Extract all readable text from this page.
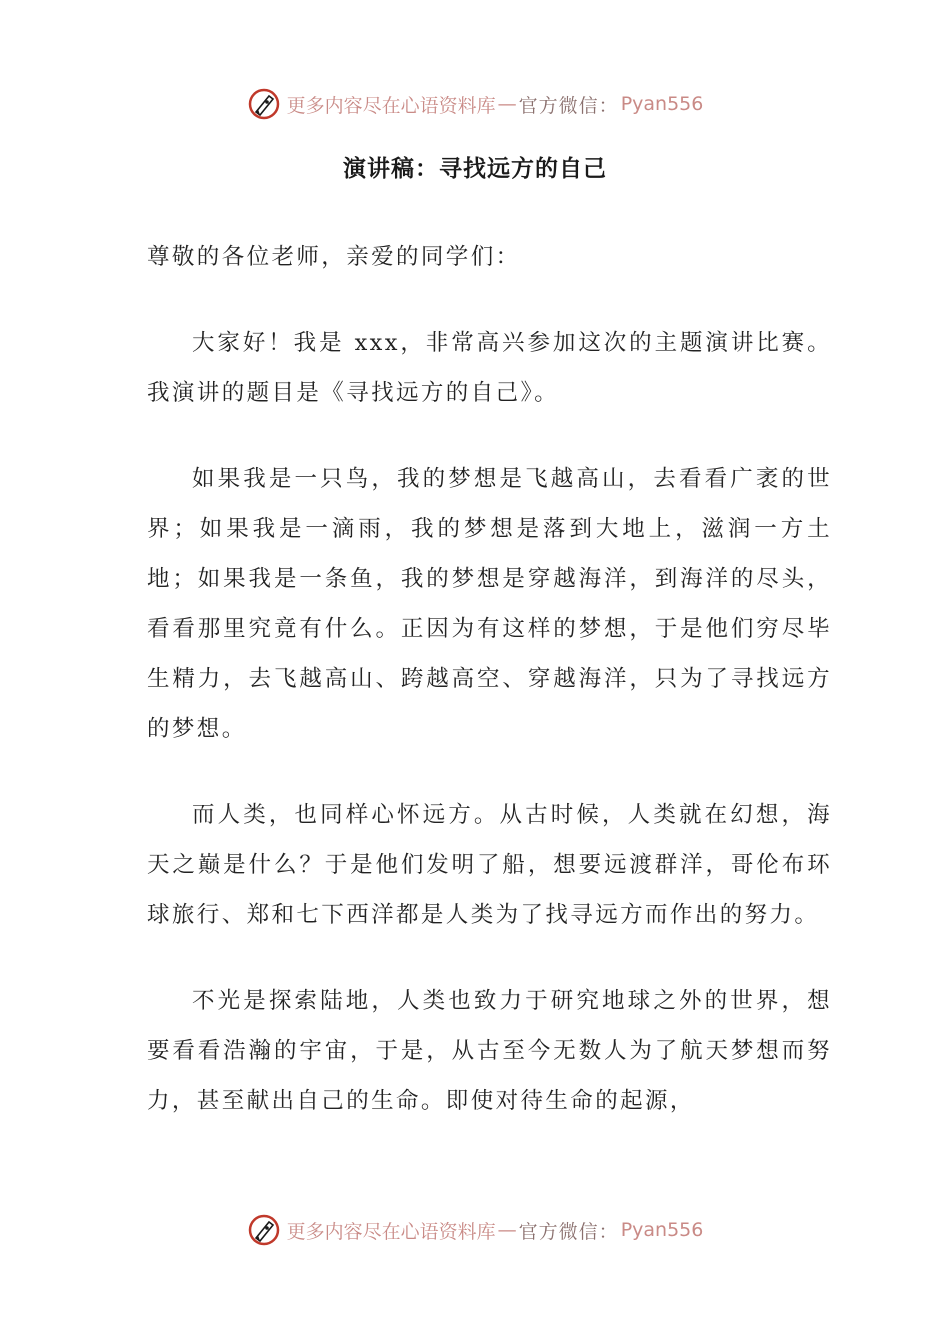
更多内容尽在心语资料库 — 官方微信： Pyan556
演讲稿：寻找远方的自己

尊敬的各位老师，亲爱的同学们：

大家好！我是 xxx，非常高兴参加这次的主题演讲比赛。我演讲的题目是《寻找远方的自己》。

如果我是一只鸟，我的梦想是飞越高山，去看看广袤的世界；如果我是一滴雨，我的梦想是落到大地上，滋润一方土地；如果我是一条鱼，我的梦想是穿越海洋，到海洋的尽头，看看那里究竟有什么。正因为有这样的梦想，于是他们穷尽毕生精力，去飞越高山、跨越高空、穿越海洋，只为了寻找远方的梦想。

而人类，也同样心怀远方。从古时候，人类就在幻想，海天之巅是什么？于是他们发明了船，想要远渡群洋，哥伦布环球旅行、郑和七下西洋都是人类为了找寻远方而作出的努力。

不光是探索陆地，人类也致力于研究地球之外的世界，想要看看浩瀚的宇宙，于是，从古至今无数人为了航天梦想而努力，甚至献出自己的生命。即使对待生命的起源，

更多内容尽在心语资料库 — 官方微信： Pyan556
